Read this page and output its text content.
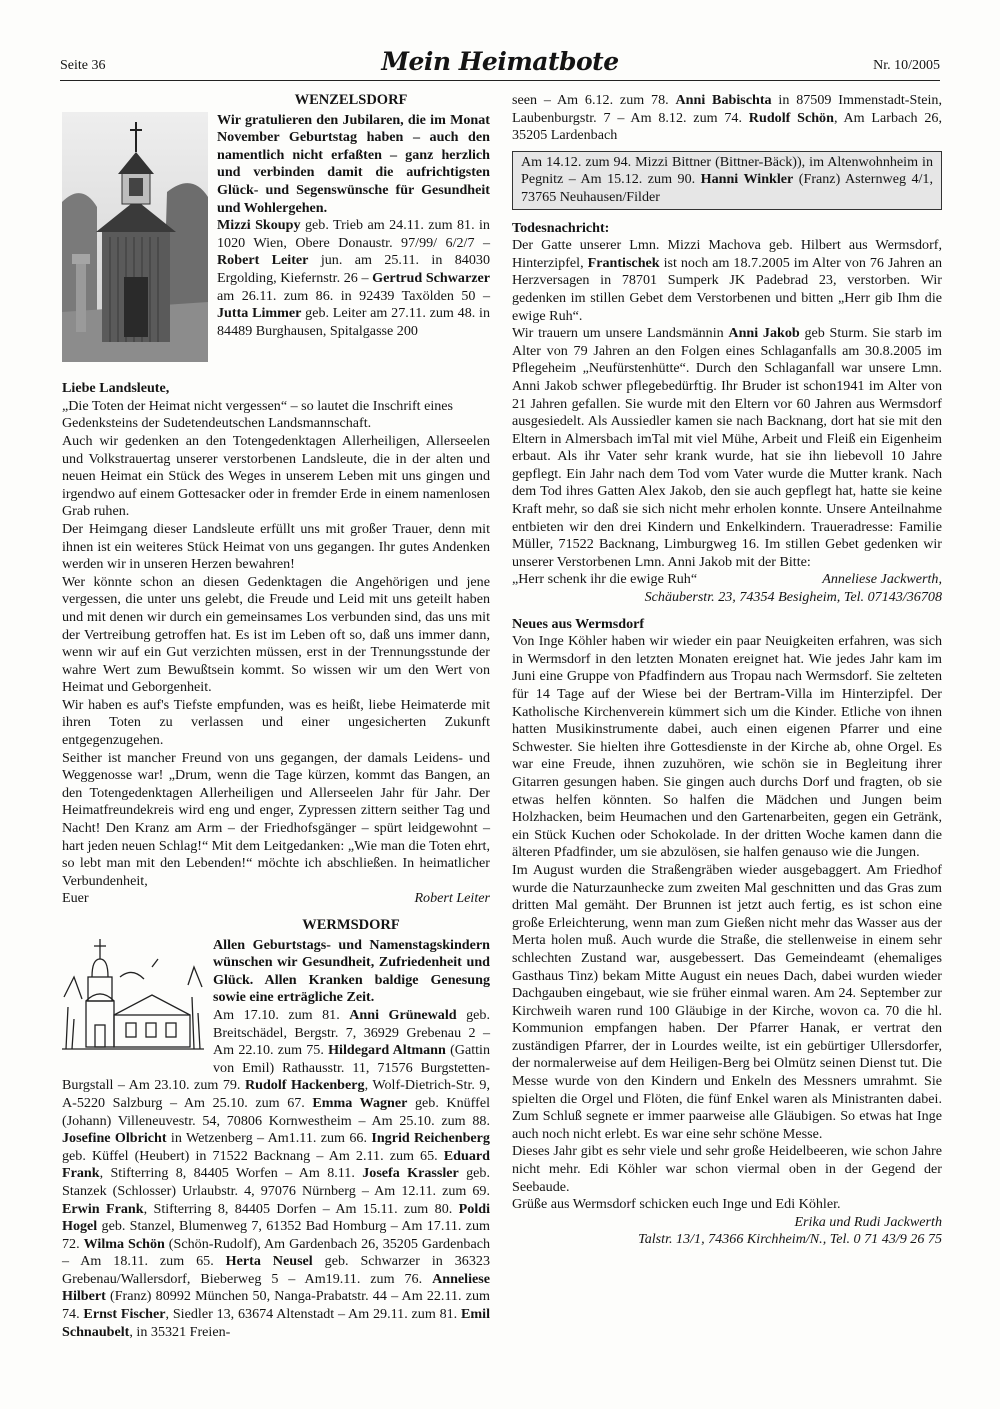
Seite 36	Mein Heimatbote	Nr. 10/2005
WENZELSDORF

Wir gratulieren den Jubilaren, die im Monat November Geburtstag haben – auch den namentlich nicht erfaßten – ganz herzlich und verbinden damit die aufrichtigsten Glück- und Segenswünsche für Gesundheit und Wohlergehen.

Mizzi Skoupy geb. Trieb am 24.11. zum 81. in 1020 Wien, Obere Donaustr. 97/99/ 6/2/7 – Robert Leiter jun. am 25.11. in 84030 Ergolding, Kiefernstr. 26 – Gertrud Schwarzer am 26.11. zum 86. in 92439 Taxölden 50 – Jutta Limmer geb. Leiter am 27.11. zum 48. in 84489 Burghausen, Spitalgasse 200

Liebe Landsleute,

„Die Toten der Heimat nicht vergessen“ – so lautet die Inschrift eines Gedenksteins der Sudetendeutschen Landsmannschaft.

Auch wir gedenken an den Totengedenktagen Allerheiligen, Allerseelen und Volkstrauertag unserer verstorbenen Landsleute, die in der alten und neuen Heimat ein Stück des Weges in unserem Leben mit uns gingen und irgendwo auf einem Gottesacker oder in fremder Erde in einem namenlosen Grab ruhen.

Der Heimgang dieser Landsleute erfüllt uns mit großer Trauer, denn mit ihnen ist ein weiteres Stück Heimat von uns gegangen. Ihr gutes Andenken werden wir in unseren Herzen bewahren!

Wer könnte schon an diesen Gedenktagen die Angehörigen und jene vergessen, die unter uns gelebt, die Freude und Leid mit uns geteilt haben und mit denen wir durch ein gemeinsames Los verbunden sind, das uns mit der Vertreibung getroffen hat. Es ist im Leben oft so, daß uns immer dann, wenn wir auf ein Gut verzichten müssen, erst in der Trennungsstunde der wahre Wert zum Bewußtsein kommt. So wissen wir um den Wert von Heimat und Geborgenheit.

Wir haben es auf's Tiefste empfunden, was es heißt, liebe Heimaterde mit ihren Toten zu verlassen und einer ungesicherten Zukunft entgegenzugehen.

Seither ist mancher Freund von uns gegangen, der damals Leidens- und Weggenosse war! „Drum, wenn die Tage kürzen, kommt das Bangen, an den Totengedenktagen Allerheiligen und Allerseelen Jahr für Jahr. Der Heimatfreundekreis wird eng und enger, Zypressen zittern seither Tag und Nacht! Den Kranz am Arm – der Friedhofsgänger – spürt leidgewohnt – hart jeden neuen Schlag!“ Mit dem Leitgedanken: „Wie man die Toten ehrt, so lebt man mit den Lebenden!“ möchte ich abschließen. In heimatlicher Verbundenheit,

Euer	Robert Leiter

WERMSDORF

Allen Geburtstags- und Namenstagskindern wünschen wir Gesundheit, Zufriedenheit und Glück. Allen Kranken baldige Genesung sowie eine erträgliche Zeit.

Am 17.10. zum 81. Anni Grünewald geb. Breitschädel, Bergstr. 7, 36929 Grebenau 2 – Am 22.10. zum 75. Hildegard Altmann (Gattin von Emil) Rathausstr. 11, 71576 Burgstetten-Burgstall – Am 23.10. zum 79. Rudolf Hackenberg, Wolf-Dietrich-Str. 9, A-5220 Salzburg – Am 25.10. zum 67. Emma Wagner geb. Knüffel (Johann) Villeneuvestr. 54, 70806 Kornwestheim – Am 25.10. zum 88. Josefine Olbricht in Wetzenberg – Am1.11. zum 66. Ingrid Reichenberg geb. Küffel (Heubert) in 71522 Backnang – Am 2.11. zum 65. Eduard Frank, Stifterring 8, 84405 Worfen – Am 8.11. Josefa Krassler geb. Stanzek (Schlosser) Urlaubstr. 4, 97076 Nürnberg – Am 12.11. zum 69. Erwin Frank, Stifterring 8, 84405 Dorfen – Am 15.11. zum 80. Poldi Hogel geb. Stanzel, Blumenweg 7, 61352 Bad Homburg – Am 17.11. zum 72. Wilma Schön (Schön-Rudolf), Am Gardenbach 26, 35205 Gardenbach – Am 18.11. zum 65. Herta Neusel geb. Schwarzer in 36323 Grebenau/Wallersdorf, Bieberweg 5 – Am19.11. zum 76. Anneliese Hilbert (Franz) 80992 München 50, Nanga-Prabatstr. 44 – Am 22.11. zum 74. Ernst Fischer, Siedler 13, 63674 Altenstadt – Am 29.11. zum 81. Emil Schnaubelt, in 35321 Freien-

seen – Am 6.12. zum 78. Anni Babischta in 87509 Immenstadt-Stein, Laubenburgstr. 7 – Am 8.12. zum 74. Rudolf Schön, Am Larbach 26, 35205 Lardenbach

Am 14.12. zum 94. Mizzi Bittner (Bittner-Bäck)), im Altenwohnheim in Pegnitz – Am 15.12. zum 90. Hanni Winkler (Franz) Asternweg 4/1, 73765 Neuhausen/Filder

Todesnachricht:

Der Gatte unserer Lmn. Mizzi Machova geb. Hilbert aus Wermsdorf, Hinterzipfel, Frantischek ist noch am 18.7.2005 im Alter von 76 Jahren an Herzversagen in 78701 Sumperk JK Padebrad 23, verstorben. Wir gedenken im stillen Gebet dem Verstorbenen und bitten „Herr gib Ihm die ewige Ruh“.

Wir trauern um unsere Landsmännin Anni Jakob geb Sturm. Sie starb im Alter von 79 Jahren an den Folgen eines Schlaganfalls am 30.8.2005 im Pflegeheim „Neufürstenhütte“. Durch den Schlaganfall war unsere Lmn. Anni Jakob schwer pflegebedürftig. Ihr Bruder ist schon1941 im Alter von 21 Jahren gefallen. Sie wurde mit den Eltern vor 60 Jahren aus Wermsdorf ausgesiedelt. Als Aussiedler kamen sie nach Backnang, dort hat sie mit den Eltern in Almersbach imTal mit viel Mühe, Arbeit und Fleiß ein Eigenheim erbaut. Als ihr Vater sehr krank wurde, hat sie ihn liebevoll 10 Jahre gepflegt. Ein Jahr nach dem Tod vom Vater wurde die Mutter krank. Nach dem Tod ihres Gatten Alex Jakob, den sie auch gepflegt hat, hatte sie keine Kraft mehr, so daß sie sich nicht mehr erholen konnte. Unsere Anteilnahme entbieten wir den drei Kindern und Enkelkindern. Traueradresse: Familie Müller, 71522 Backnang, Limburgweg 16. Im stillen Gebet gedenken wir unserer Verstorbenen Lmn. Anni Jakob mit der Bitte:

„Herr schenk ihr die ewige Ruh“	Anneliese Jackwerth,

Schäuberstr. 23, 74354 Besigheim, Tel. 07143/36708

Neues aus Wermsdorf

Von Inge Köhler haben wir wieder ein paar Neuigkeiten erfahren, was sich in Wermsdorf in den letzten Monaten ereignet hat. Wie jedes Jahr kam im Juni eine Gruppe von Pfadfindern aus Tropau nach Wermsdorf. Sie zelteten für 14 Tage auf der Wiese bei der Bertram-Villa im Hinterzipfel. Der Katholische Kirchenverein kümmert sich um die Kinder. Etliche von ihnen hatten Musikinstrumente dabei, auch einen eigenen Pfarrer und eine Schwester. Sie hielten ihre Gottesdienste in der Kirche ab, ohne Orgel. Es war eine Freude, ihnen zuzuhören, wie schön sie in Begleitung ihrer Gitarren gesungen haben. Sie gingen auch durchs Dorf und fragten, ob sie etwas helfen könnten. So halfen die Mädchen und Jungen beim Holzhacken, beim Heumachen und den Gartenarbeiten, gegen ein Getränk, ein Stück Kuchen oder Schokolade. In der dritten Woche kamen dann die älteren Pfadfinder, um sie abzulösen, sie halfen genauso wie die Jungen.

Im August wurden die Straßengräben wieder ausgebaggert. Am Friedhof wurde die Naturzaunhecke zum zweiten Mal geschnitten und das Gras zum dritten Mal gemäht. Der Brunnen ist jetzt auch fertig, es ist schon eine große Erleichterung, wenn man zum Gießen nicht mehr das Wasser aus der Merta holen muß. Auch wurde die Straße, die stellenweise in einem sehr schlechten Zustand war, ausgebessert. Das Gemeindeamt (ehemaliges Gasthaus Tinz) bekam Mitte August ein neues Dach, dabei wurden wieder Dachgauben eingebaut, wie sie früher einmal waren. Am 24. September zur Kirchweih waren rund 100 Gläubige in der Kirche, wovon ca. 70 die hl. Kommunion empfangen haben. Der Pfarrer Hanak, er vertrat den zuständigen Pfarrer, der in Lourdes weilte, ist ein gebürtiger Ullersdorfer, der normalerweise auf dem Heiligen-Berg bei Olmütz seinen Dienst tut. Die Messe wurde von den Kindern und Enkeln des Messners umrahmt. Sie spielten die Orgel und Flöten, die fünf Enkel waren als Ministranten dabei. Zum Schluß segnete er immer paarweise alle Gläubigen. So etwas hat Inge auch noch nicht erlebt. Es war eine sehr schöne Messe.

Dieses Jahr gibt es sehr viele und sehr große Heidelbeeren, wie schon Jahre nicht mehr. Edi Köhler war schon viermal oben in der Gegend der Seebaude.

Grüße aus Wermsdorf schicken euch Inge und Edi Köhler.

Erika und Rudi Jackwerth

Talstr. 13/1, 74366 Kirchheim/N., Tel. 0 71 43/9 26 75
